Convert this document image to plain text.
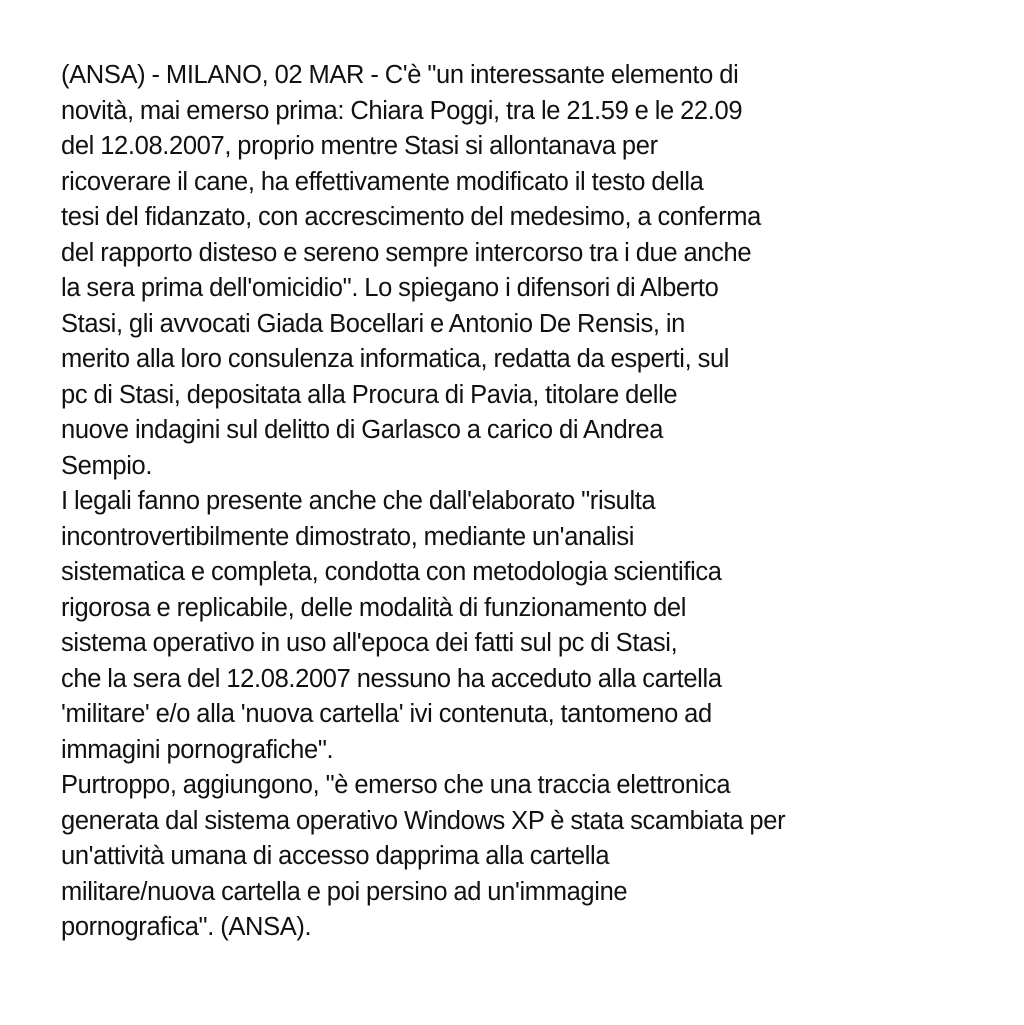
(ANSA) - MILANO, 02 MAR - C'è "un interessante elemento di
novità, mai emerso prima: Chiara Poggi, tra le 21.59 e le 22.09
del 12.08.2007, proprio mentre Stasi si allontanava per
ricoverare il cane, ha effettivamente modificato il testo della
tesi del fidanzato, con accrescimento del medesimo, a conferma
del rapporto disteso e sereno sempre intercorso tra i due anche
la sera prima dell'omicidio". Lo spiegano i difensori di Alberto
Stasi, gli avvocati Giada Bocellari e Antonio De Rensis, in
merito alla loro consulenza informatica, redatta da esperti, sul
pc di Stasi, depositata alla Procura di Pavia, titolare delle
nuove indagini sul delitto di Garlasco a carico di Andrea
Sempio.
I legali fanno presente anche che dall'elaborato "risulta
incontrovertibilmente dimostrato, mediante un'analisi
sistematica e completa, condotta con metodologia scientifica
rigorosa e replicabile, delle modalità di funzionamento del
sistema operativo in uso all'epoca dei fatti sul pc di Stasi,
che la sera del 12.08.2007 nessuno ha acceduto alla cartella
'militare' e/o alla 'nuova cartella' ivi contenuta, tantomeno ad
immagini pornografiche".
Purtroppo, aggiungono, "è emerso che una traccia elettronica
generata dal sistema operativo Windows XP è stata scambiata per
un'attività umana di accesso dapprima alla cartella
militare/nuova cartella e poi persino ad un'immagine
pornografica". (ANSA).
